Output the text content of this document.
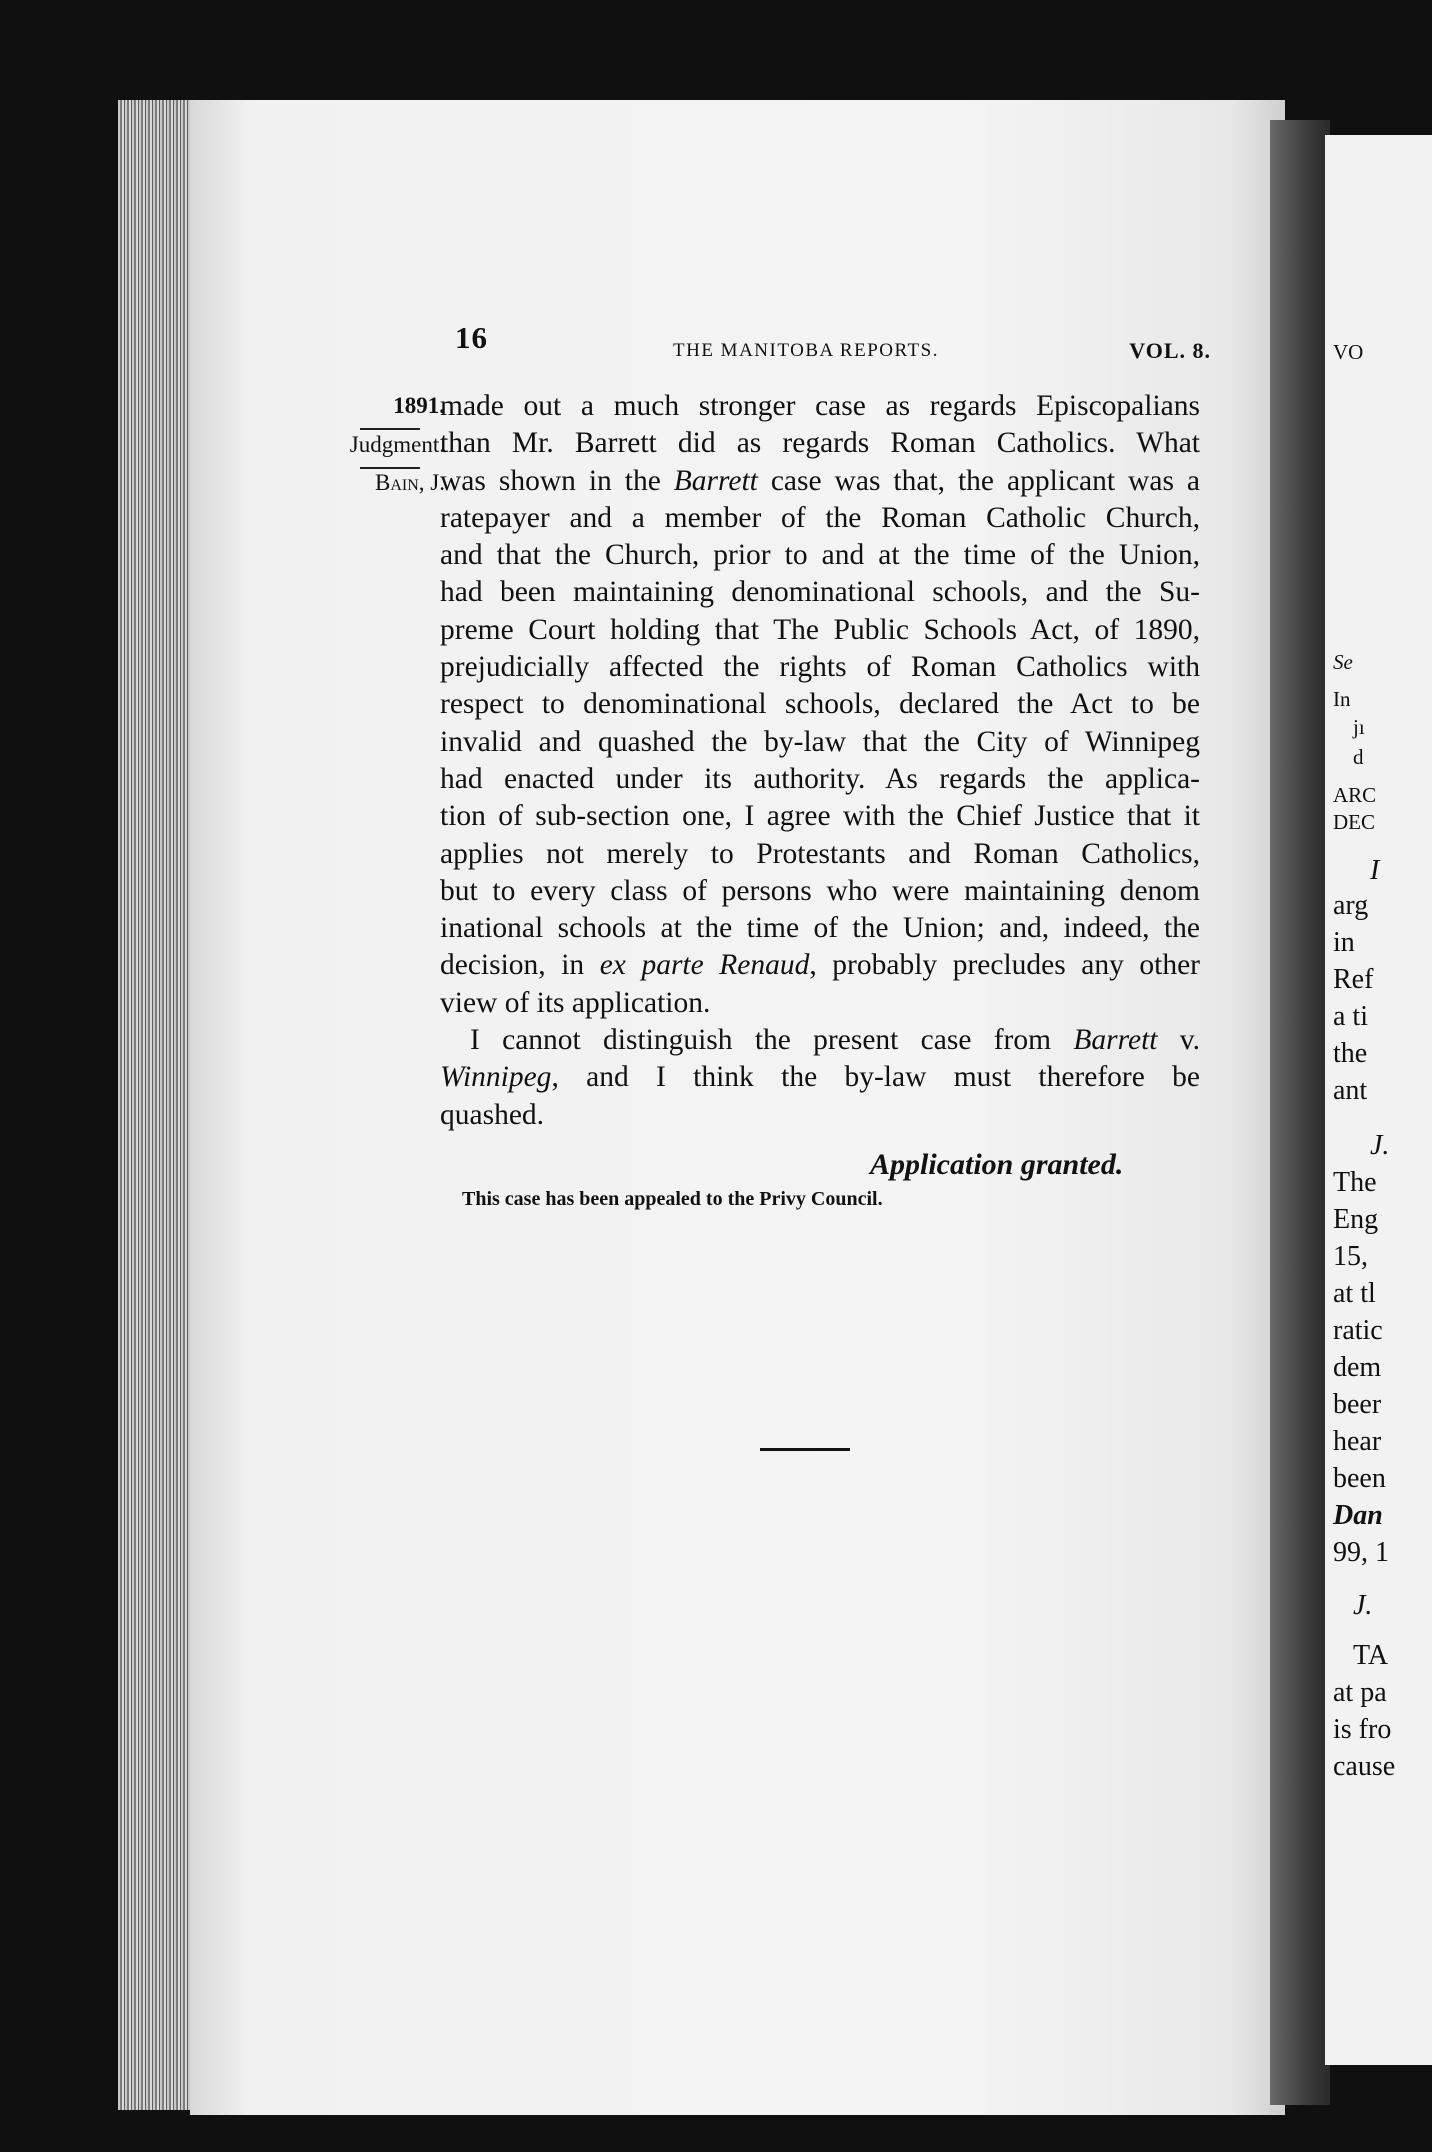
VO
Se
In
jı
d
ARC
DEC
I
arg
in
Ref
a ti
the
ant
J.
The
Eng
15,
at tl
ratic
dem
beer
hear
been
Dan
99, 1
J.
TA
at pa
is fro
cause
16	THE MANITOBA REPORTS.	VOL. 8.
1891.
Judgment.
Bain, J.
made out a much stronger case as regards Episcopalians
than Mr. Barrett did as regards Roman Catholics. What
was shown in the Barrett case was that, the applicant was a
ratepayer and a member of the Roman Catholic Church,
and that the Church, prior to and at the time of the Union,
had been maintaining denominational schools, and the Su-
preme Court holding that The Public Schools Act, of 1890,
prejudicially affected the rights of Roman Catholics with
respect to denominational schools, declared the Act to be
invalid and quashed the by-law that the City of Winnipeg
had enacted under its authority. As regards the applica-
tion of sub-section one, I agree with the Chief Justice that it
applies not merely to Protestants and Roman Catholics,
but to every class of persons who were maintaining denom
inational schools at the time of the Union; and, indeed, the
decision, in ex parte Renaud, probably precludes any other
view of its application.
I cannot distinguish the present case from Barrett v.
Winnipeg, and I think the by-law must therefore be
quashed.
Application granted.
This case has been appealed to the Privy Council.
